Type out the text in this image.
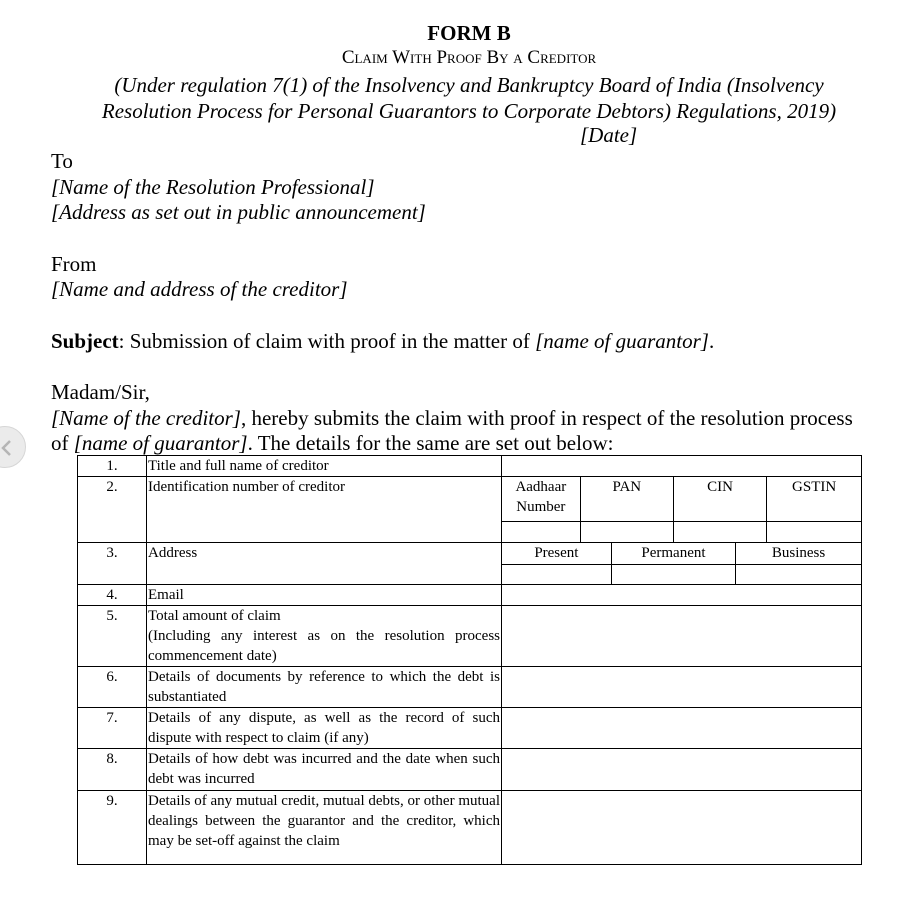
FORM B
Claim With Proof By a Creditor
(Under regulation 7(1) of the Insolvency and Bankruptcy Board of India (Insolvency
Resolution Process for Personal Guarantors to Corporate Debtors) Regulations, 2019)
[Date]
To
[Name of the Resolution Professional]
[Address as set out in public announcement]
From
[Name and address of the creditor]
Subject: Submission of claim with proof in the matter of [name of guarantor].
Madam/Sir,
[Name of the creditor], hereby submits the claim with proof in respect of the resolution process
of [name of guarantor]. The details for the same are set out below:
1.	Title and full name of creditor	
2.	Identification number of creditor		Aadhaar Number	PAN	CIN	GSTIN

3.	Address		Present	Permanent	Business

4.	Email	
5.	Total amount of claim
(Including any interest as on the resolution process commencement date)

6.	Details of documents by reference to which the debt is substantiated	
7.	Details of any dispute, as well as the record of such dispute with respect to claim (if any)	
8.	Details of how debt was incurred and the date when such debt was incurred	
9.	Details of any mutual credit, mutual debts, or other mutual dealings between the guarantor and the creditor, which may be set-off against the claim	
